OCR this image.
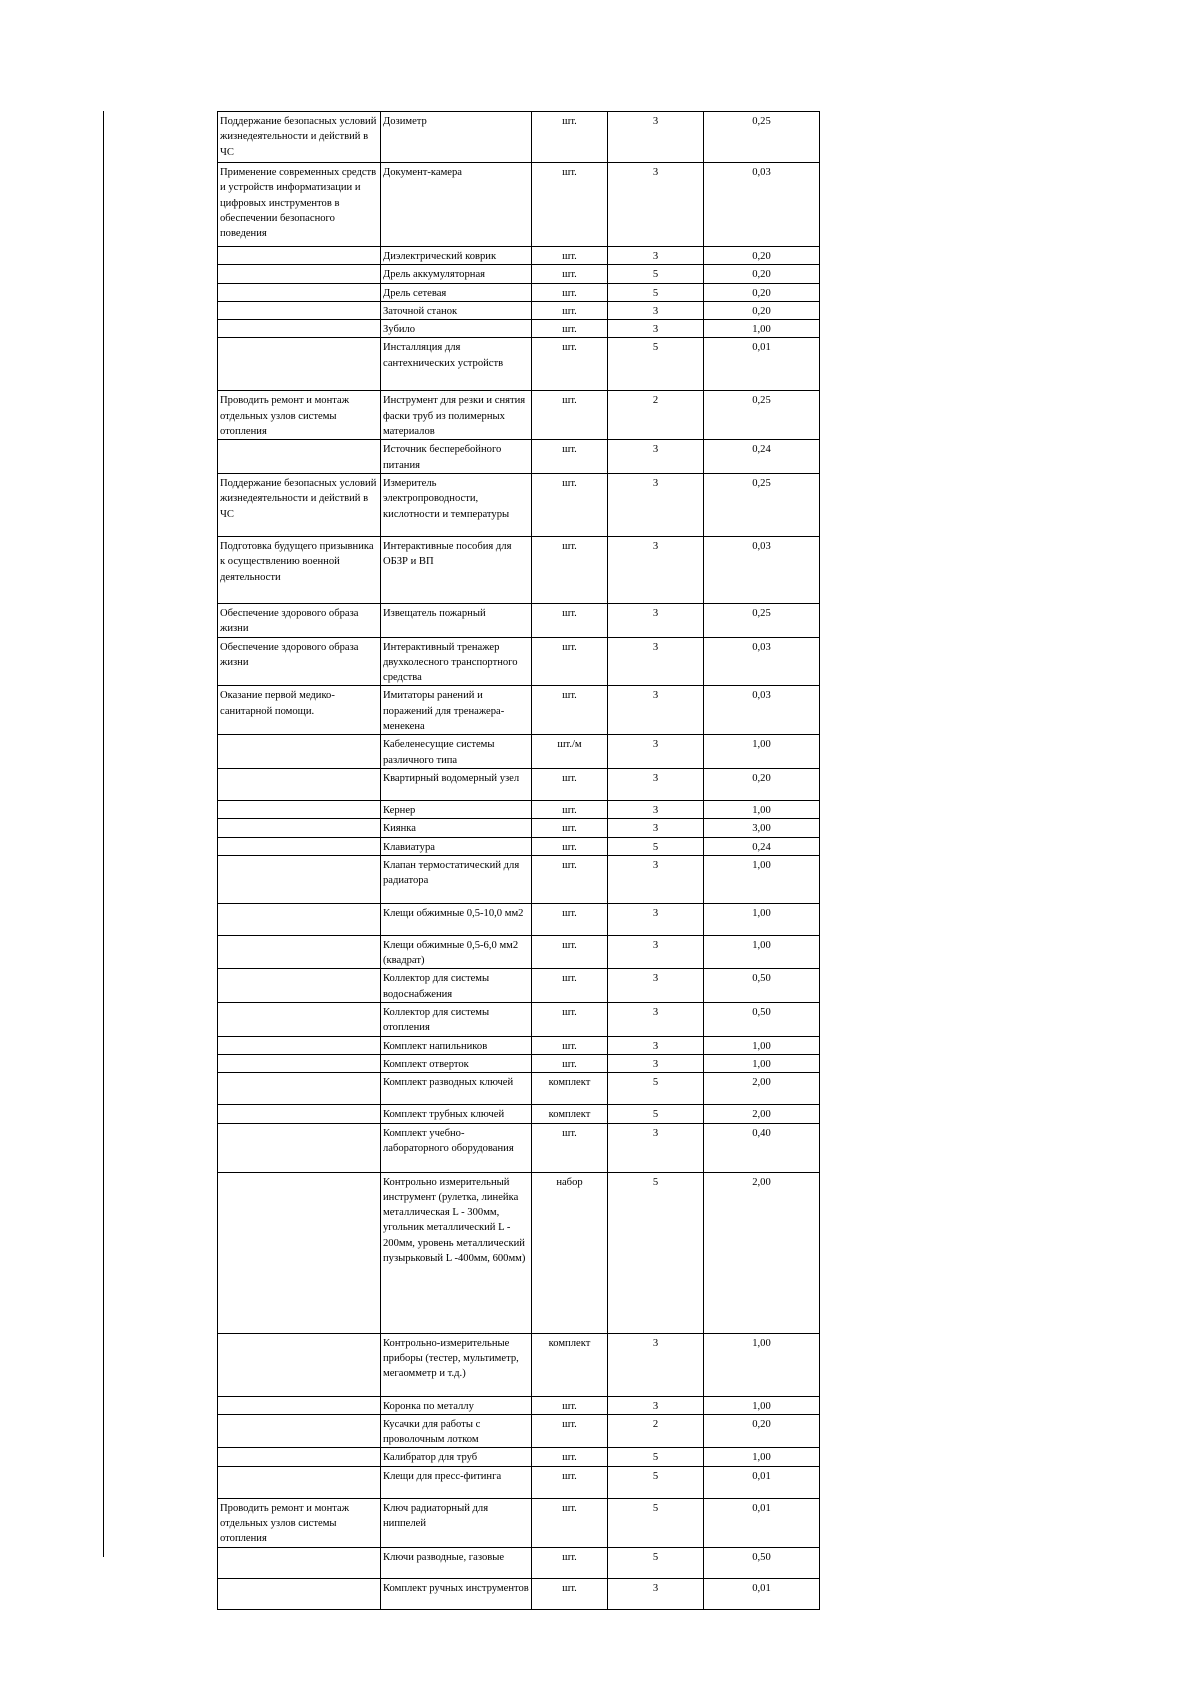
Поддержание безопасных условий жизнедеятельности и действий в ЧС	Дозиметр	шт.	3	0,25
Применение современных средств и устройств информатизации и цифровых инструментов в обеспечении безопасного поведения	Документ-камера	шт.	3	0,03
	Диэлектрический коврик	шт.	3	0,20
	Дрель аккумуляторная	шт.	5	0,20
	Дрель сетевая	шт.	5	0,20
	Заточной станок	шт.	3	0,20
	Зубило	шт.	3	1,00
	Инсталляция для сантехнических устройств	шт.	5	0,01
Проводить ремонт и монтаж отдельных узлов системы отопления	Инструмент для резки и снятия фаски труб из полимерных материалов	шт.	2	0,25
	Источник бесперебойного питания	шт.	3	0,24
Поддержание безопасных условий жизнедеятельности и действий в ЧС	Измеритель электропроводности, кислотности и температуры	шт.	3	0,25
Подготовка будущего призывника к осуществлению военной деятельности	Интерактивные пособия для ОБЗР и ВП	шт.	3	0,03
Обеспечение здорового образа жизни	Извещатель пожарный	шт.	3	0,25
Обеспечение здорового образа жизни	Интерактивный тренажер двухколесного транспортного средства	шт.	3	0,03
Оказание первой медико-санитарной помощи.	Имитаторы ранений и поражений для тренажера-менекена	шт.	3	0,03
	Кабеленесущие системы различного типа	шт./м	3	1,00
	Квартирный водомерный узел	шт.	3	0,20
	Кернер	шт.	3	1,00
	Киянка	шт.	3	3,00
	Клавиатура	шт.	5	0,24
	Клапан термостатический для радиатора	шт.	3	1,00
	Клещи обжимные 0,5-10,0 мм2	шт.	3	1,00
	Клещи обжимные 0,5-6,0 мм2 (квадрат)	шт.	3	1,00
	Коллектор для системы водоснабжения	шт.	3	0,50
	Коллектор для системы отопления	шт.	3	0,50
	Комплект напильников	шт.	3	1,00
	Комплект отверток	шт.	3	1,00
	Комплект разводных ключей	комплект	5	2,00
	Комплект трубных ключей	комплект	5	2,00
	Комплект учебно-лабораторного оборудования	шт.	3	0,40
	Контрольно измерительный инструмент (рулетка, линейка металлическая L - 300мм, угольник металлический L - 200мм, уровень металлический пузырьковый L -400мм, 600мм)	набор	5	2,00
	Контрольно-измерительные приборы (тестер, мультиметр, мегаомметр и т.д.)	комплект	3	1,00
	Коронка по металлу	шт.	3	1,00
	Кусачки для работы с проволочным лотком	шт.	2	0,20
	Калибратор для труб	шт.	5	1,00
	Клещи для пресс-фитинга	шт.	5	0,01
Проводить ремонт и монтаж отдельных узлов системы отопления	Ключ радиаторный для ниппелей	шт.	5	0,01
	Ключи разводные, газовые	шт.	5	0,50
	Комплект ручных инструментов	шт.	3	0,01
